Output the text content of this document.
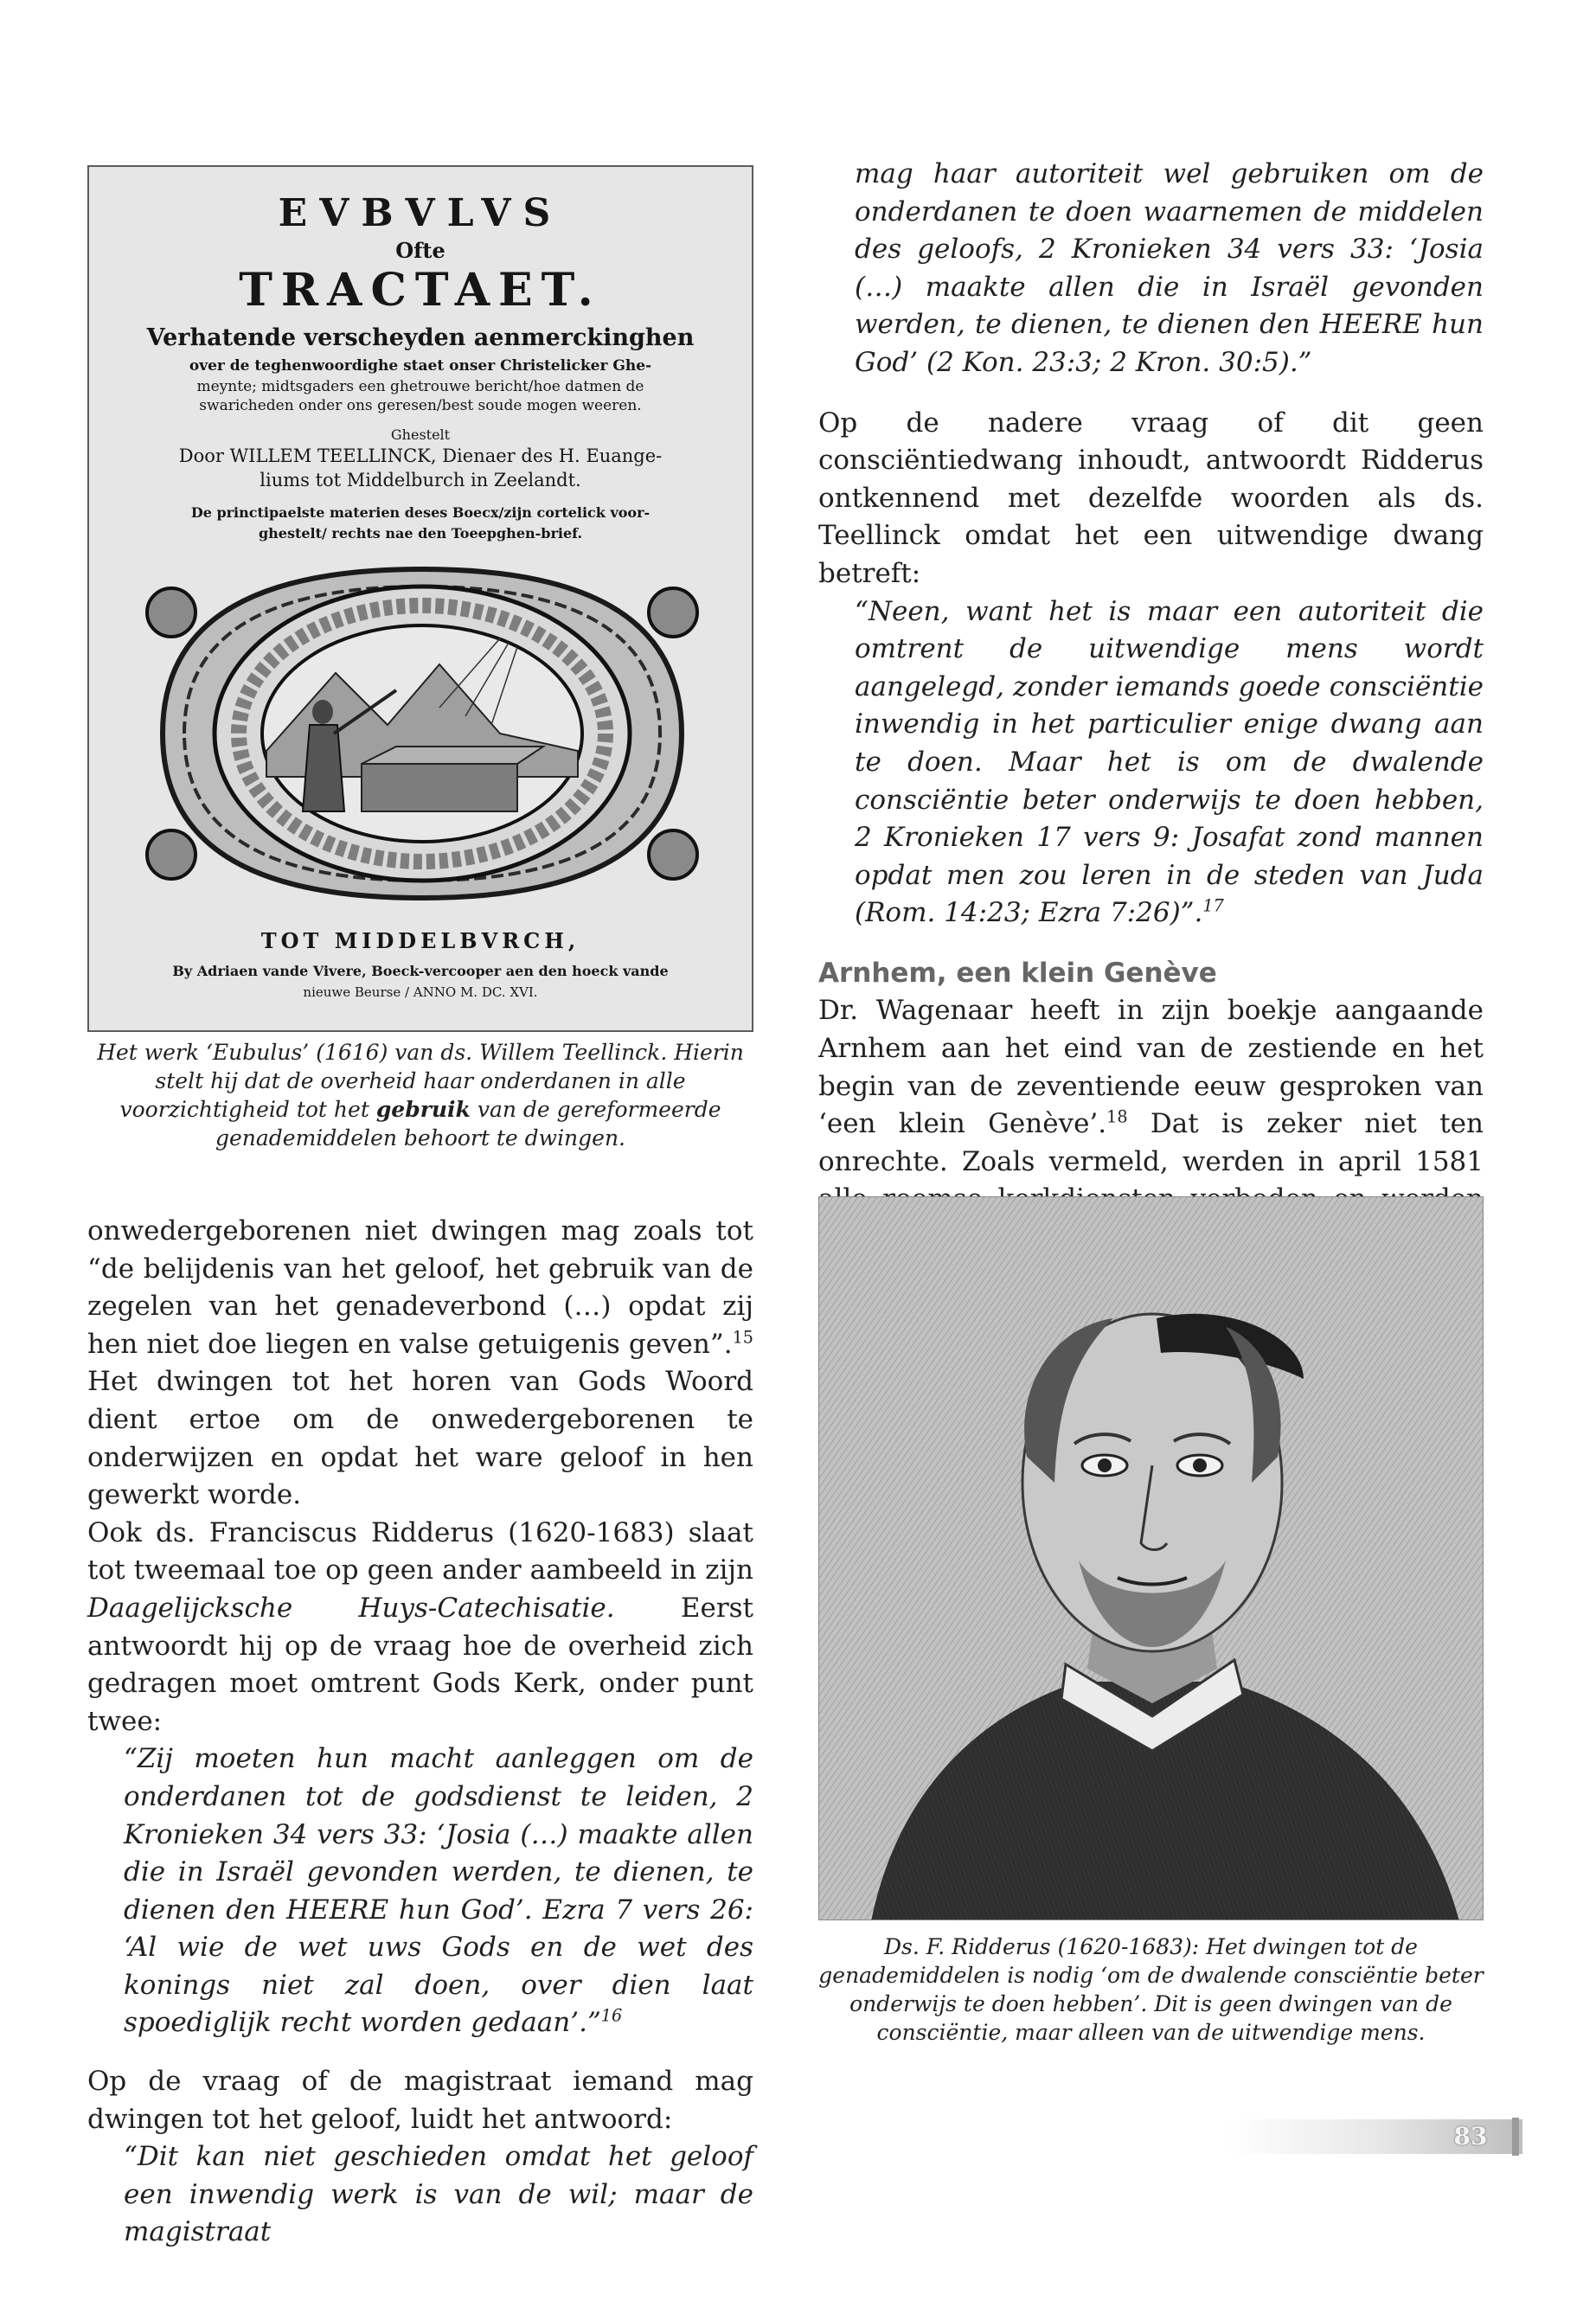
EVBVLVS
Ofte
TRACTAET.
Verhatende verscheyden aenmerckinghen
over de teghenwoordighe staet onser Christelicker Ghe-
meynte; midtsgaders een ghetrouwe bericht/hoe datmen de
swaricheden onder ons geresen/best soude mogen weeren.
Ghestelt
Door WILLEM TEELLINCK, Dienaer des H. Euange-
liums tot Middelburch in Zeelandt.
De princtipaelste materien deses Boecx/zijn cortelick voor-
ghestelt/ rechts nae den Toeepghen-brief.
TOT MIDDELBVRCH,
By Adriaen vande Vivere, Boeck-vercooper aen den hoeck vande
nieuwe Beurse / ANNO M. DC. XVI.
Het werk ‘Eubulus’ (1616) van ds. Willem Teellinck. Hierin stelt hij dat de overheid haar onderdanen in alle voorzichtigheid tot het gebruik van de gereformeerde genademiddelen behoort te dwingen.

onwedergeborenen niet dwingen mag zoals tot “de belijdenis van het geloof, het gebruik van de zegelen van het genadeverbond (…) opdat zij hen niet doe liegen en valse getuigenis geven”.$^{15}$ Het dwingen tot het horen van Gods Woord dient ertoe om de onwedergeborenen te onderwijzen en opdat het ware geloof in hen gewerkt worde.

Ook ds. Franciscus Ridderus (1620-1683) slaat tot tweemaal toe op geen ander aambeeld in zijn Daagelijcksche Huys-Catechisatie. Eerst antwoordt hij op de vraag hoe de overheid zich gedragen moet omtrent Gods Kerk, onder punt twee:

“Zij moeten hun macht aanleggen om de onderdanen tot de godsdienst te leiden, 2 Kronieken 34 vers 33: ‘Josia (…) maakte allen die in Israël gevonden werden, te dienen, te dienen den HEERE hun God’. Ezra 7 vers 26: ‘Al wie de wet uws Gods en de wet des konings niet zal doen, over dien laat spoediglijk recht worden gedaan’.”$^{16}$

Op de vraag of de magistraat iemand mag dwingen tot het geloof, luidt het antwoord:

“Dit kan niet geschieden omdat het geloof een inwendig werk is van de wil; maar de magistraat

mag haar autoriteit wel gebruiken om de onderdanen te doen waarnemen de middelen des geloofs, 2 Kronieken 34 vers 33: ‘Josia (…) maakte allen die in Israël gevonden werden, te dienen, te dienen den HEERE hun God’ (2 Kon. 23:3; 2 Kron. 30:5).”

Op de nadere vraag of dit geen consciëntiedwang inhoudt, antwoordt Ridderus ontkennend met dezelfde woorden als ds. Teellinck omdat het een uitwendige dwang betreft:

“Neen, want het is maar een autoriteit die omtrent de uitwendige mens wordt aangelegd, zonder iemands goede consciëntie inwendig in het particulier enige dwang aan te doen. Maar het is om de dwalende consciëntie beter onderwijs te doen hebben, 2 Kronieken 17 vers 9: Josafat zond mannen opdat men zou leren in de steden van Juda (Rom. 14:23; Ezra 7:26)”.$^{17}$

Arnhem, een klein Genève

Dr. Wagenaar heeft in zijn boekje aangaande Arnhem aan het eind van de zestiende en het begin van de zeventiende eeuw gesproken van ‘een klein Genève’.$^{18}$ Dat is zeker niet ten onrechte. Zoals vermeld, werden in april 1581

Ds. F. Ridderus (1620-1683): Het dwingen tot de genademiddelen is nodig ‘om de dwalende consciëntie beter onderwijs te doen hebben’. Dit is geen dwingen van de consciëntie, maar alleen van de uitwendige mens.
83
